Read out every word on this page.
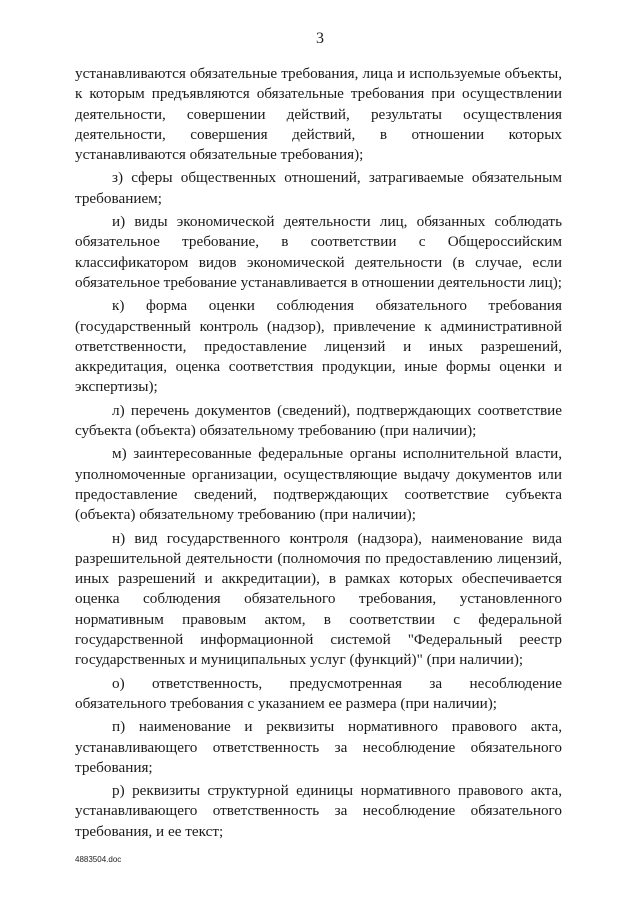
3

устанавливаются обязательные требования, лица и используемые объекты, к которым предъявляются обязательные требования при осуществлении деятельности, совершении действий, результаты осуществления деятельности, совершения действий, в отношении которых устанавливаются обязательные требования);

з) сферы общественных отношений, затрагиваемые обязательным требованием;

и) виды экономической деятельности лиц, обязанных соблюдать обязательное требование, в соответствии с Общероссийским классификатором видов экономической деятельности (в случае, если обязательное требование устанавливается в отношении деятельности лиц);

к) форма оценки соблюдения обязательного требования (государственный контроль (надзор), привлечение к административной ответственности, предоставление лицензий и иных разрешений, аккредитация, оценка соответствия продукции, иные формы оценки и экспертизы);

л) перечень документов (сведений), подтверждающих соответствие субъекта (объекта) обязательному требованию (при наличии);

м) заинтересованные федеральные органы исполнительной власти, уполномоченные организации, осуществляющие выдачу документов или предоставление сведений, подтверждающих соответствие субъекта (объекта) обязательному требованию (при наличии);

н) вид государственного контроля (надзора), наименование вида разрешительной деятельности (полномочия по предоставлению лицензий, иных разрешений и аккредитации), в рамках которых обеспечивается оценка соблюдения обязательного требования, установленного нормативным правовым актом, в соответствии с федеральной государственной информационной системой "Федеральный реестр государственных и муниципальных услуг (функций)" (при наличии);

о) ответственность, предусмотренная за несоблюдение обязательного требования с указанием ее размера (при наличии);

п) наименование и реквизиты нормативного правового акта, устанавливающего ответственность за несоблюдение обязательного требования;

р) реквизиты структурной единицы нормативного правового акта, устанавливающего ответственность за несоблюдение обязательного требования, и ее текст;

4883504.doc
